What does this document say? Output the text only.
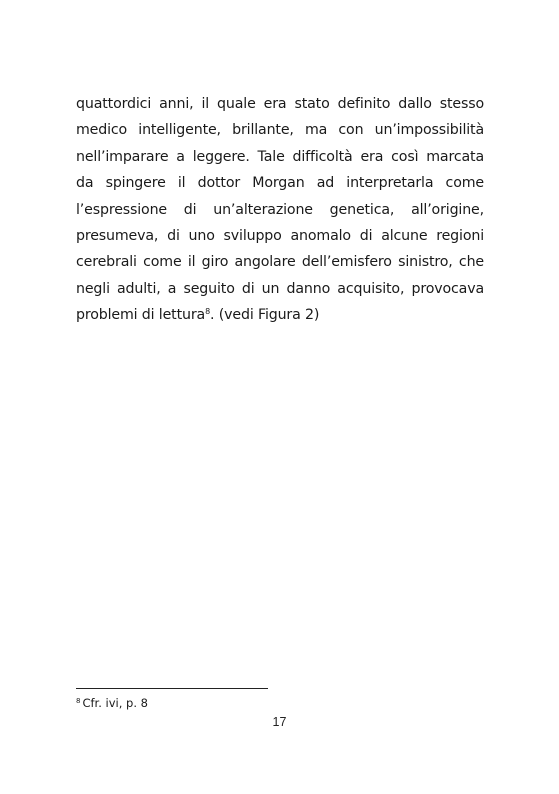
quattordici anni, il quale era stato definito dallo stesso
medico intelligente, brillante, ma con un’impossibilità
nell’imparare a leggere. Tale difficoltà era così marcata
da spingere il dottor Morgan ad interpretarla come
l’espressione di un’alterazione genetica, all’origine,
presumeva, di uno sviluppo anomalo di alcune regioni
cerebrali come il giro angolare dell’emisfero sinistro, che
negli adulti, a seguito di un danno acquisito, provocava
problemi di lettura$^8$. (vedi Figura 2)
$^8$ Cfr. ivi, p. 8
17
